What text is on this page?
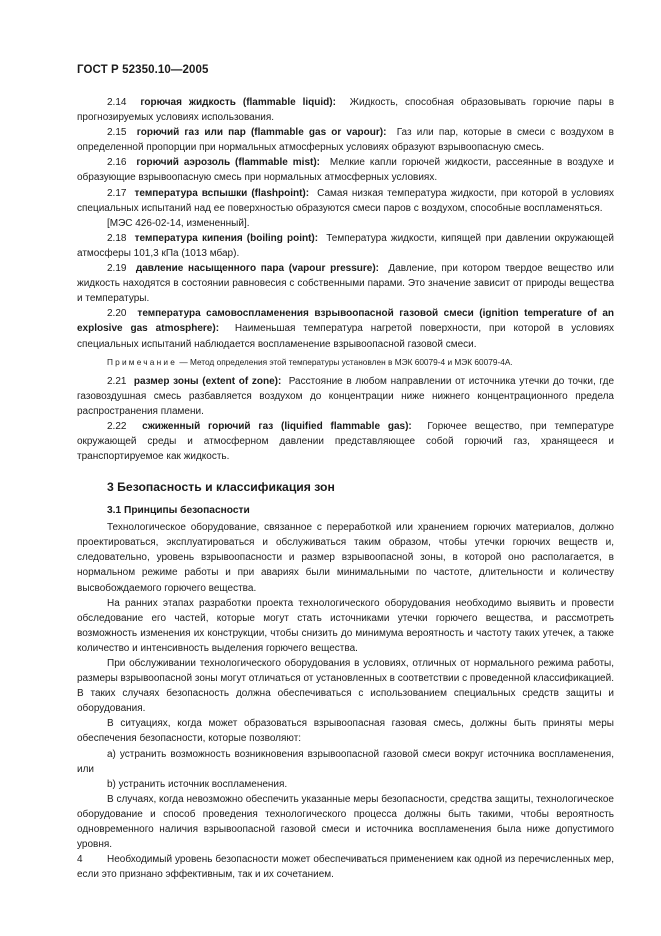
ГОСТ Р 52350.10—2005

2.14 горючая жидкость (flammable liquid): Жидкость, способная образовывать горючие пары в прогнозируемых условиях использования.

2.15 горючий газ или пар (flammable gas or vapour): Газ или пар, которые в смеси с воздухом в определенной пропорции при нормальных атмосферных условиях образуют взрывоопасную смесь.

2.16 горючий аэрозоль (flammable mist): Мелкие капли горючей жидкости, рассеянные в воздухе и образующие взрывоопасную смесь при нормальных атмосферных условиях.

2.17 температура вспышки (flashpoint): Самая низкая температура жидкости, при которой в условиях специальных испытаний над ее поверхностью образуются смеси паров с воздухом, способные воспламеняться.

[МЭС 426-02-14, измененный].

2.18 температура кипения (boiling point): Температура жидкости, кипящей при давлении окружающей атмосферы 101,3 кПа (1013 мбар).

2.19 давление насыщенного пара (vapour pressure): Давление, при котором твердое вещество или жидкость находятся в состоянии равновесия с собственными парами. Это значение зависит от природы вещества и температуры.

2.20 температура самовоспламенения взрывоопасной газовой смеси (ignition temperature of an explosive gas atmosphere): Наименьшая температура нагретой поверхности, при которой в условиях специальных испытаний наблюдается воспламенение взрывоопасной газовой смеси.

Примечание — Метод определения этой температуры установлен в МЭК 60079-4 и МЭК 60079-4А.

2.21 размер зоны (extent of zone): Расстояние в любом направлении от источника утечки до точки, где газовоздушная смесь разбавляется воздухом до концентрации ниже нижнего концентрационного предела распространения пламени.

2.22 сжиженный горючий газ (liquified flammable gas): Горючее вещество, при температуре окружающей среды и атмосферном давлении представляющее собой горючий газ, хранящееся и транспортируемое как жидкость.

3 Безопасность и классификация зон
3.1 Принципы безопасности

Технологическое оборудование, связанное с переработкой или хранением горючих материалов, должно проектироваться, эксплуатироваться и обслуживаться таким образом, чтобы утечки горючих веществ и, следовательно, уровень взрывоопасности и размер взрывоопасной зоны, в которой оно располагается, в нормальном режиме работы и при авариях были минимальными по частоте, длительности и количеству высвобождаемого горючего вещества.

На ранних этапах разработки проекта технологического оборудования необходимо выявить и провести обследование его частей, которые могут стать источниками утечки горючего вещества, и рассмотреть возможность изменения их конструкции, чтобы снизить до минимума вероятность и частоту таких утечек, а также количество и интенсивность выделения горючего вещества.

При обслуживании технологического оборудования в условиях, отличных от нормального режима работы, размеры взрывоопасной зоны могут отличаться от установленных в соответствии с проведенной классификацией. В таких случаях безопасность должна обеспечиваться с использованием специальных средств защиты и оборудования.

В ситуациях, когда может образоваться взрывоопасная газовая смесь, должны быть приняты меры обеспечения безопасности, которые позволяют:

а) устранить возможность возникновения взрывоопасной газовой смеси вокруг источника воспламенения, или

b) устранить источник воспламенения.

В случаях, когда невозможно обеспечить указанные меры безопасности, средства защиты, технологическое оборудование и способ проведения технологического процесса должны быть такими, чтобы вероятность одновременного наличия взрывоопасной газовой смеси и источника воспламенения была ниже допустимого уровня.

Необходимый уровень безопасности может обеспечиваться применением как одной из перечисленных мер, если это признано эффективным, так и их сочетанием.

4
